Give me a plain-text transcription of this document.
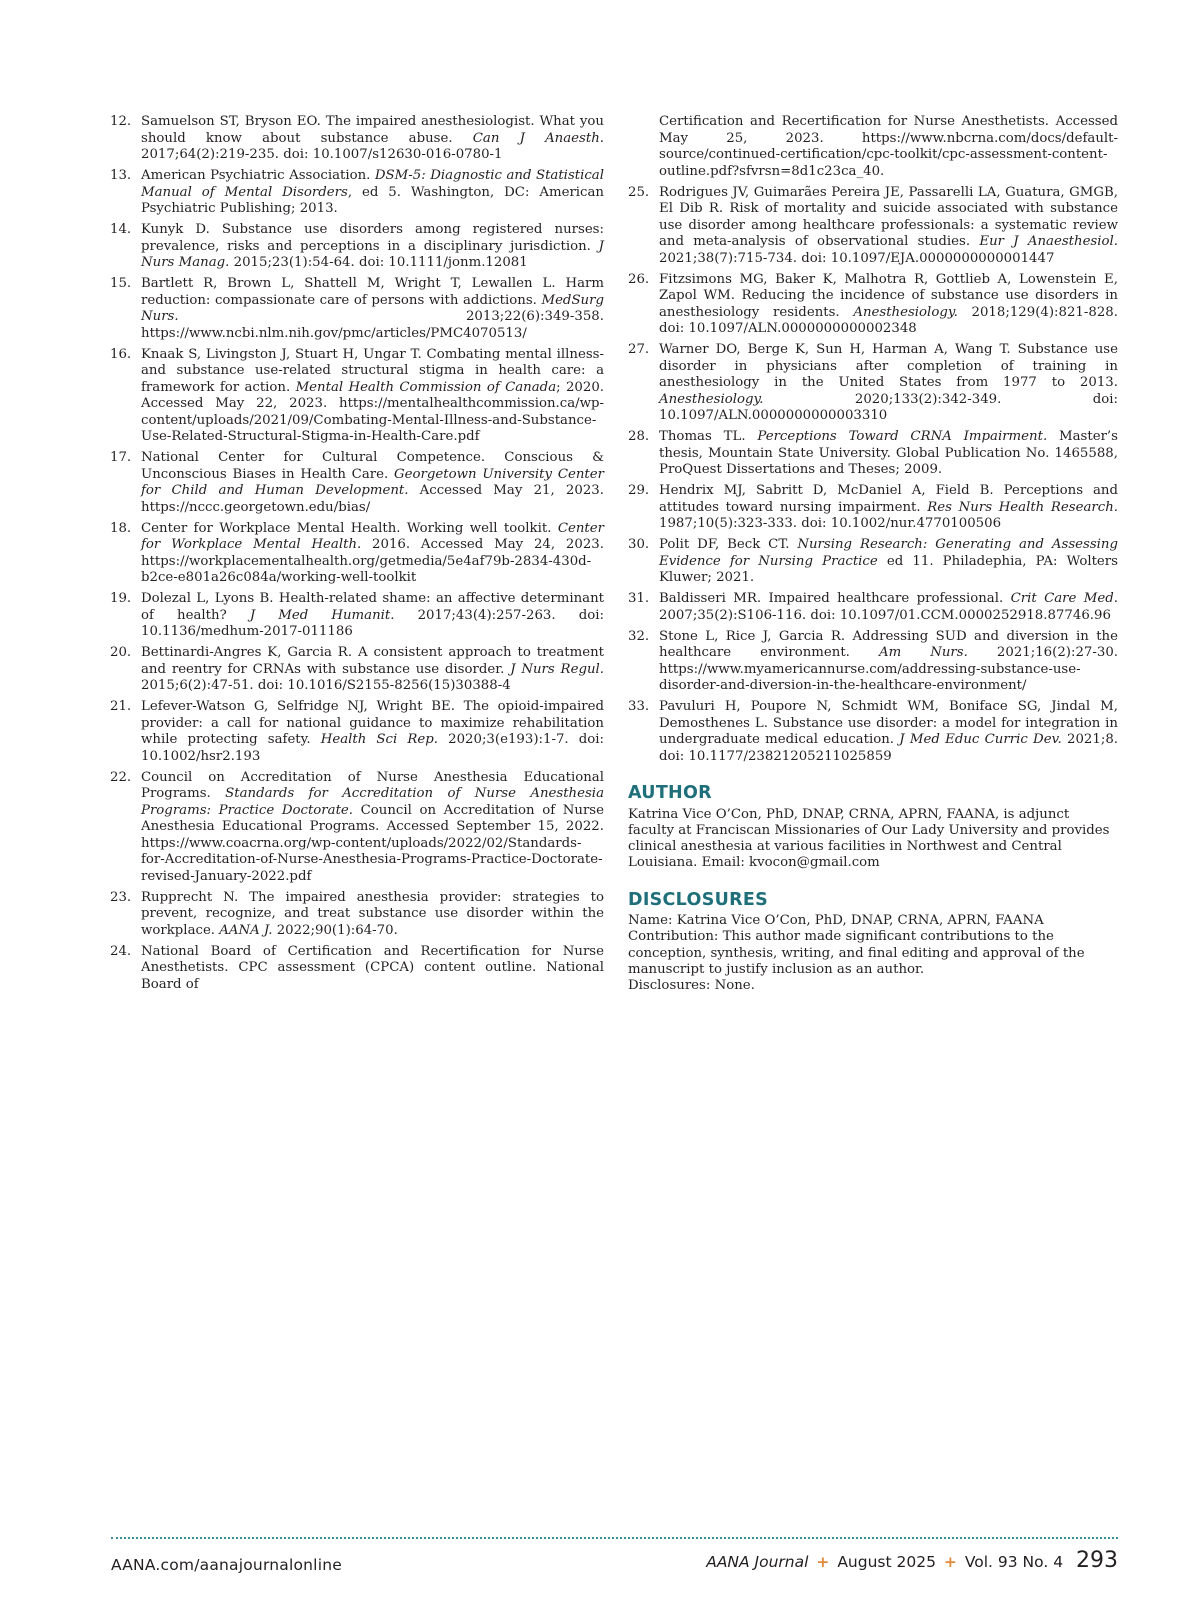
12. Samuelson ST, Bryson EO. The impaired anesthesiologist. What you should know about substance abuse. Can J Anaesth. 2017;64(2):219-235. doi: 10.1007/s12630-016-0780-1
13. American Psychiatric Association. DSM-5: Diagnostic and Statistical Manual of Mental Disorders, ed 5. Washington, DC: American Psychiatric Publishing; 2013.
14. Kunyk D. Substance use disorders among registered nurses: prevalence, risks and perceptions in a disciplinary jurisdiction. J Nurs Manag. 2015;23(1):54-64. doi: 10.1111/jonm.12081
15. Bartlett R, Brown L, Shattell M, Wright T, Lewallen L. Harm reduction: compassionate care of persons with addictions. MedSurg Nurs. 2013;22(6):349-358. https://www.ncbi.nlm.nih.gov/pmc/articles/PMC4070513/
16. Knaak S, Livingston J, Stuart H, Ungar T. Combating mental illness- and substance use-related structural stigma in health care: a framework for action. Mental Health Commission of Canada; 2020. Accessed May 22, 2023. https://mentalhealthcommission.ca/wp-content/uploads/2021/09/Combating-Mental-Illness-and-Substance-Use-Related-Structural-Stigma-in-Health-Care.pdf
17. National Center for Cultural Competence. Conscious & Unconscious Biases in Health Care. Georgetown University Center for Child and Human Development. Accessed May 21, 2023. https://nccc.georgetown.edu/bias/
18. Center for Workplace Mental Health. Working well toolkit. Center for Workplace Mental Health. 2016. Accessed May 24, 2023. https://workplacementalhealth.org/getmedia/5e4af79b-2834-430d-b2ce-e801a26c084a/working-well-toolkit
19. Dolezal L, Lyons B. Health-related shame: an affective determinant of health? J Med Humanit. 2017;43(4):257-263. doi: 10.1136/medhum-2017-011186
20. Bettinardi-Angres K, Garcia R. A consistent approach to treatment and reentry for CRNAs with substance use disorder. J Nurs Regul. 2015;6(2):47-51. doi: 10.1016/S2155-8256(15)30388-4
21. Lefever-Watson G, Selfridge NJ, Wright BE. The opioid-impaired provider: a call for national guidance to maximize rehabilitation while protecting safety. Health Sci Rep. 2020;3(e193):1-7. doi: 10.1002/hsr2.193
22. Council on Accreditation of Nurse Anesthesia Educational Programs. Standards for Accreditation of Nurse Anesthesia Programs: Practice Doctorate. Council on Accreditation of Nurse Anesthesia Educational Programs. Accessed September 15, 2022. https://www.coacrna.org/wp-content/uploads/2022/02/Standards-for-Accreditation-of-Nurse-Anesthesia-Programs-Practice-Doctorate-revised-January-2022.pdf
23. Rupprecht N. The impaired anesthesia provider: strategies to prevent, recognize, and treat substance use disorder within the workplace. AANA J. 2022;90(1):64-70.
24. National Board of Certification and Recertification for Nurse Anesthetists. CPC assessment (CPCA) content outline. National Board of
Certification and Recertification for Nurse Anesthetists. Accessed May 25, 2023. https://www.nbcrna.com/docs/default-source/continued-certification/cpc-toolkit/cpc-assessment-content-outline.pdf?sfvrsn=8d1c23ca_40.
25. Rodrigues JV, Guimarães Pereira JE, Passarelli LA, Guatura, GMGB, El Dib R. Risk of mortality and suicide associated with substance use disorder among healthcare professionals: a systematic review and meta-analysis of observational studies. Eur J Anaesthesiol. 2021;38(7):715-734. doi: 10.1097/EJA.0000000000001447
26. Fitzsimons MG, Baker K, Malhotra R, Gottlieb A, Lowenstein E, Zapol WM. Reducing the incidence of substance use disorders in anesthesiology residents. Anesthesiology. 2018;129(4):821-828. doi: 10.1097/ALN.0000000000002348
27. Warner DO, Berge K, Sun H, Harman A, Wang T. Substance use disorder in physicians after completion of training in anesthesiology in the United States from 1977 to 2013. Anesthesiology. 2020;133(2):342-349. doi: 10.1097/ALN.0000000000003310
28. Thomas TL. Perceptions Toward CRNA Impairment. Master’s thesis, Mountain State University. Global Publication No. 1465588, ProQuest Dissertations and Theses; 2009.
29. Hendrix MJ, Sabritt D, McDaniel A, Field B. Perceptions and attitudes toward nursing impairment. Res Nurs Health Research. 1987;10(5):323-333. doi: 10.1002/nur.4770100506
30. Polit DF, Beck CT. Nursing Research: Generating and Assessing Evidence for Nursing Practice ed 11. Philadephia, PA: Wolters Kluwer; 2021.
31. Baldisseri MR. Impaired healthcare professional. Crit Care Med. 2007;35(2):S106-116. doi: 10.1097/01.CCM.0000252918.87746.96
32. Stone L, Rice J, Garcia R. Addressing SUD and diversion in the healthcare environment. Am Nurs. 2021;16(2):27-30. https://www.myamericannurse.com/addressing-substance-use-disorder-and-diversion-in-the-healthcare-environment/
33. Pavuluri H, Poupore N, Schmidt WM, Boniface SG, Jindal M, Demosthenes L. Substance use disorder: a model for integration in undergraduate medical education. J Med Educ Curric Dev. 2021;8. doi: 10.1177/23821205211025859
AUTHOR
Katrina Vice O’Con, PhD, DNAP, CRNA, APRN, FAANA, is adjunct faculty at Franciscan Missionaries of Our Lady University and provides clinical anesthesia at various facilities in Northwest and Central Louisiana. Email: kvocon@gmail.com
DISCLOSURES
Name: Katrina Vice O’Con, PhD, DNAP, CRNA, APRN, FAANA
Contribution: This author made significant contributions to the conception, synthesis, writing, and final editing and approval of the manuscript to justify inclusion as an author.
Disclosures: None.
AANA.com/aanajournalonline	AANA Journal + August 2025 + Vol. 93 No. 4 293
